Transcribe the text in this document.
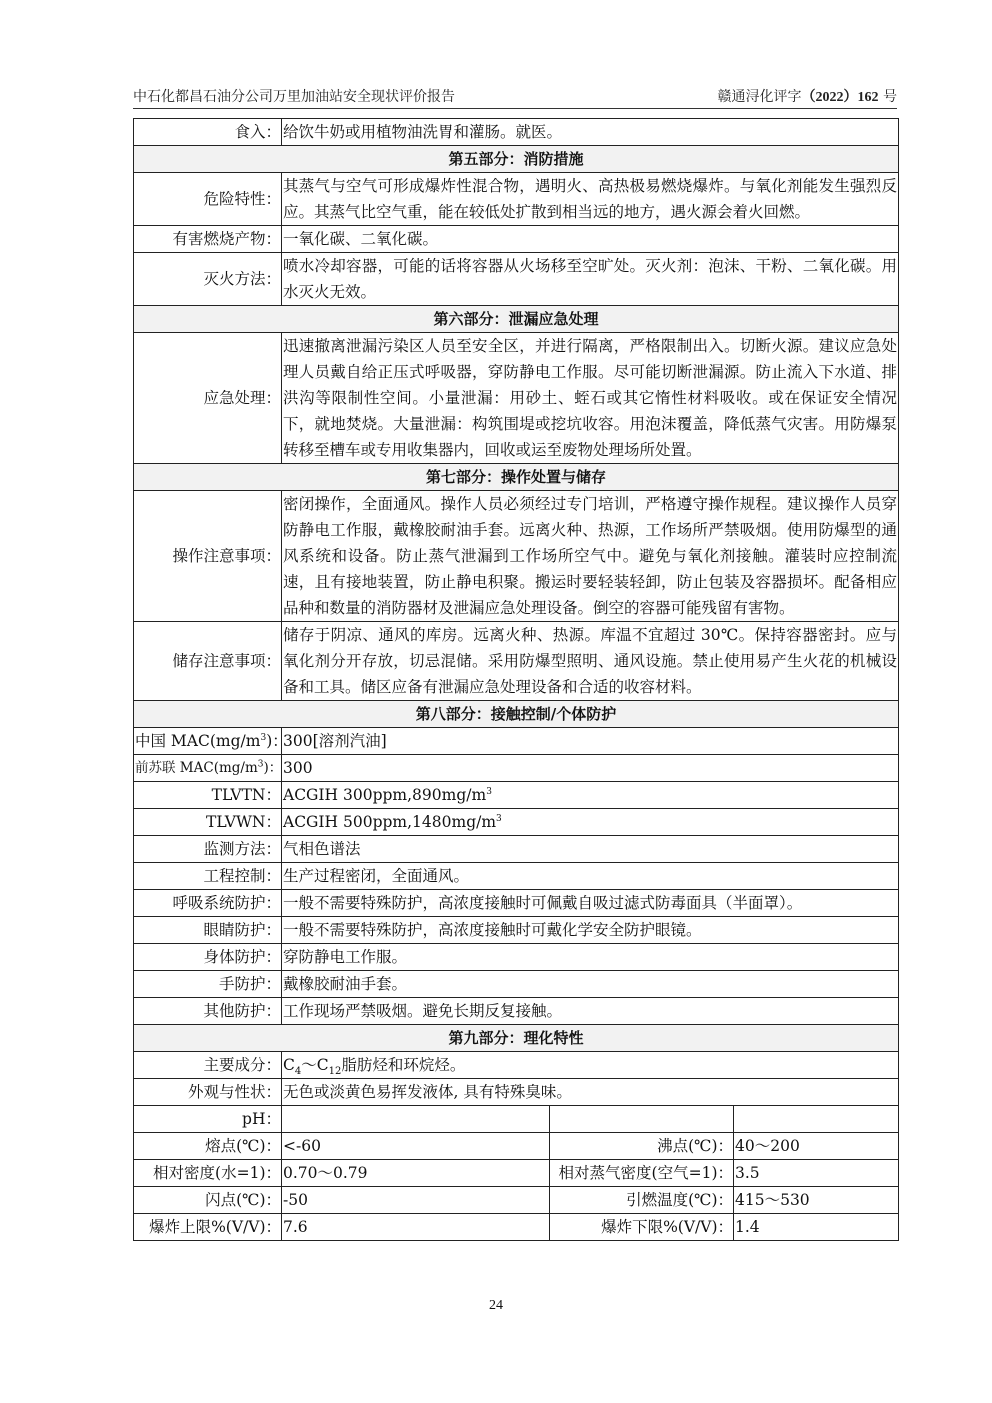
中石化都昌石油分公司万里加油站安全现状评价报告	赣通浔化评字（2022）162 号
食入：	给饮牛奶或用植物油洗胃和灌肠。就医。		
第五部分：消防措施			
危险特性：	其蒸气与空气可形成爆炸性混合物，遇明火、高热极易燃烧爆炸。与氧化剂能发生强烈反应。其蒸气比空气重，能在较低处扩散到相当远的地方，遇火源会着火回燃。		
有害燃烧产物：	一氧化碳、二氧化碳。		
灭火方法：	喷水冷却容器，可能的话将容器从火场移至空旷处。灭火剂：泡沫、干粉、二氧化碳。用水灭火无效。		
第六部分：泄漏应急处理			
应急处理：	迅速撤离泄漏污染区人员至安全区，并进行隔离，严格限制出入。切断火源。建议应急处理人员戴自给正压式呼吸器，穿防静电工作服。尽可能切断泄漏源。防止流入下水道、排洪沟等限制性空间。小量泄漏：用砂土、蛭石或其它惰性材料吸收。或在保证安全情况下，就地焚烧。大量泄漏：构筑围堤或挖坑收容。用泡沫覆盖，降低蒸气灾害。用防爆泵转移至槽车或专用收集器内，回收或运至废物处理场所处置。		
第七部分：操作处置与储存			
操作注意事项：	密闭操作，全面通风。操作人员必须经过专门培训，严格遵守操作规程。建议操作人员穿防静电工作服，戴橡胶耐油手套。远离火种、热源，工作场所严禁吸烟。使用防爆型的通风系统和设备。防止蒸气泄漏到工作场所空气中。避免与氧化剂接触。灌装时应控制流速，且有接地装置，防止静电积聚。搬运时要轻装轻卸，防止包装及容器损坏。配备相应品种和数量的消防器材及泄漏应急处理设备。倒空的容器可能残留有害物。		
储存注意事项：	储存于阴凉、通风的库房。远离火种、热源。库温不宜超过 30℃。保持容器密封。应与氧化剂分开存放，切忌混储。采用防爆型照明、通风设施。禁止使用易产生火花的机械设备和工具。储区应备有泄漏应急处理设备和合适的收容材料。		
第八部分：接触控制/个体防护			
中国 $MAC(mg/m^3)$：	300[溶剂汽油]		
前苏联 $MAC(mg/m^3)$：	300		
TLVTN：	ACGIH $300ppm,890mg/m^3$
TLVWN：	ACGIH $500ppm,1480mg/m^3$
监测方法：	气相色谱法		
工程控制：	生产过程密闭，全面通风。		
呼吸系统防护：	一般不需要特殊防护，高浓度接触时可佩戴自吸过滤式防毒面具（半面罩）。		
眼睛防护：	一般不需要特殊防护，高浓度接触时可戴化学安全防护眼镜。		
身体防护：	穿防静电工作服。		
手防护：	戴橡胶耐油手套。		
其他防护：	工作现场严禁吸烟。避免长期反复接触。		
第九部分：理化特性			
主要成分：	$C_4\sim C_{12}$脂肪烃和环烷烃。		
外观与性状：	无色或淡黄色易挥发液体, 具有特殊臭味。		
pH：			
熔点(℃)：	<-60	沸点(℃)：	40～200
相对密度(水=1)：	0.70～0.79	相对蒸气密度(空气=1)：	3.5
闪点(℃)：	-50	引燃温度(℃)：	415～530
爆炸上限%(V/V)：	7.6	爆炸下限%(V/V)：	1.4
24
